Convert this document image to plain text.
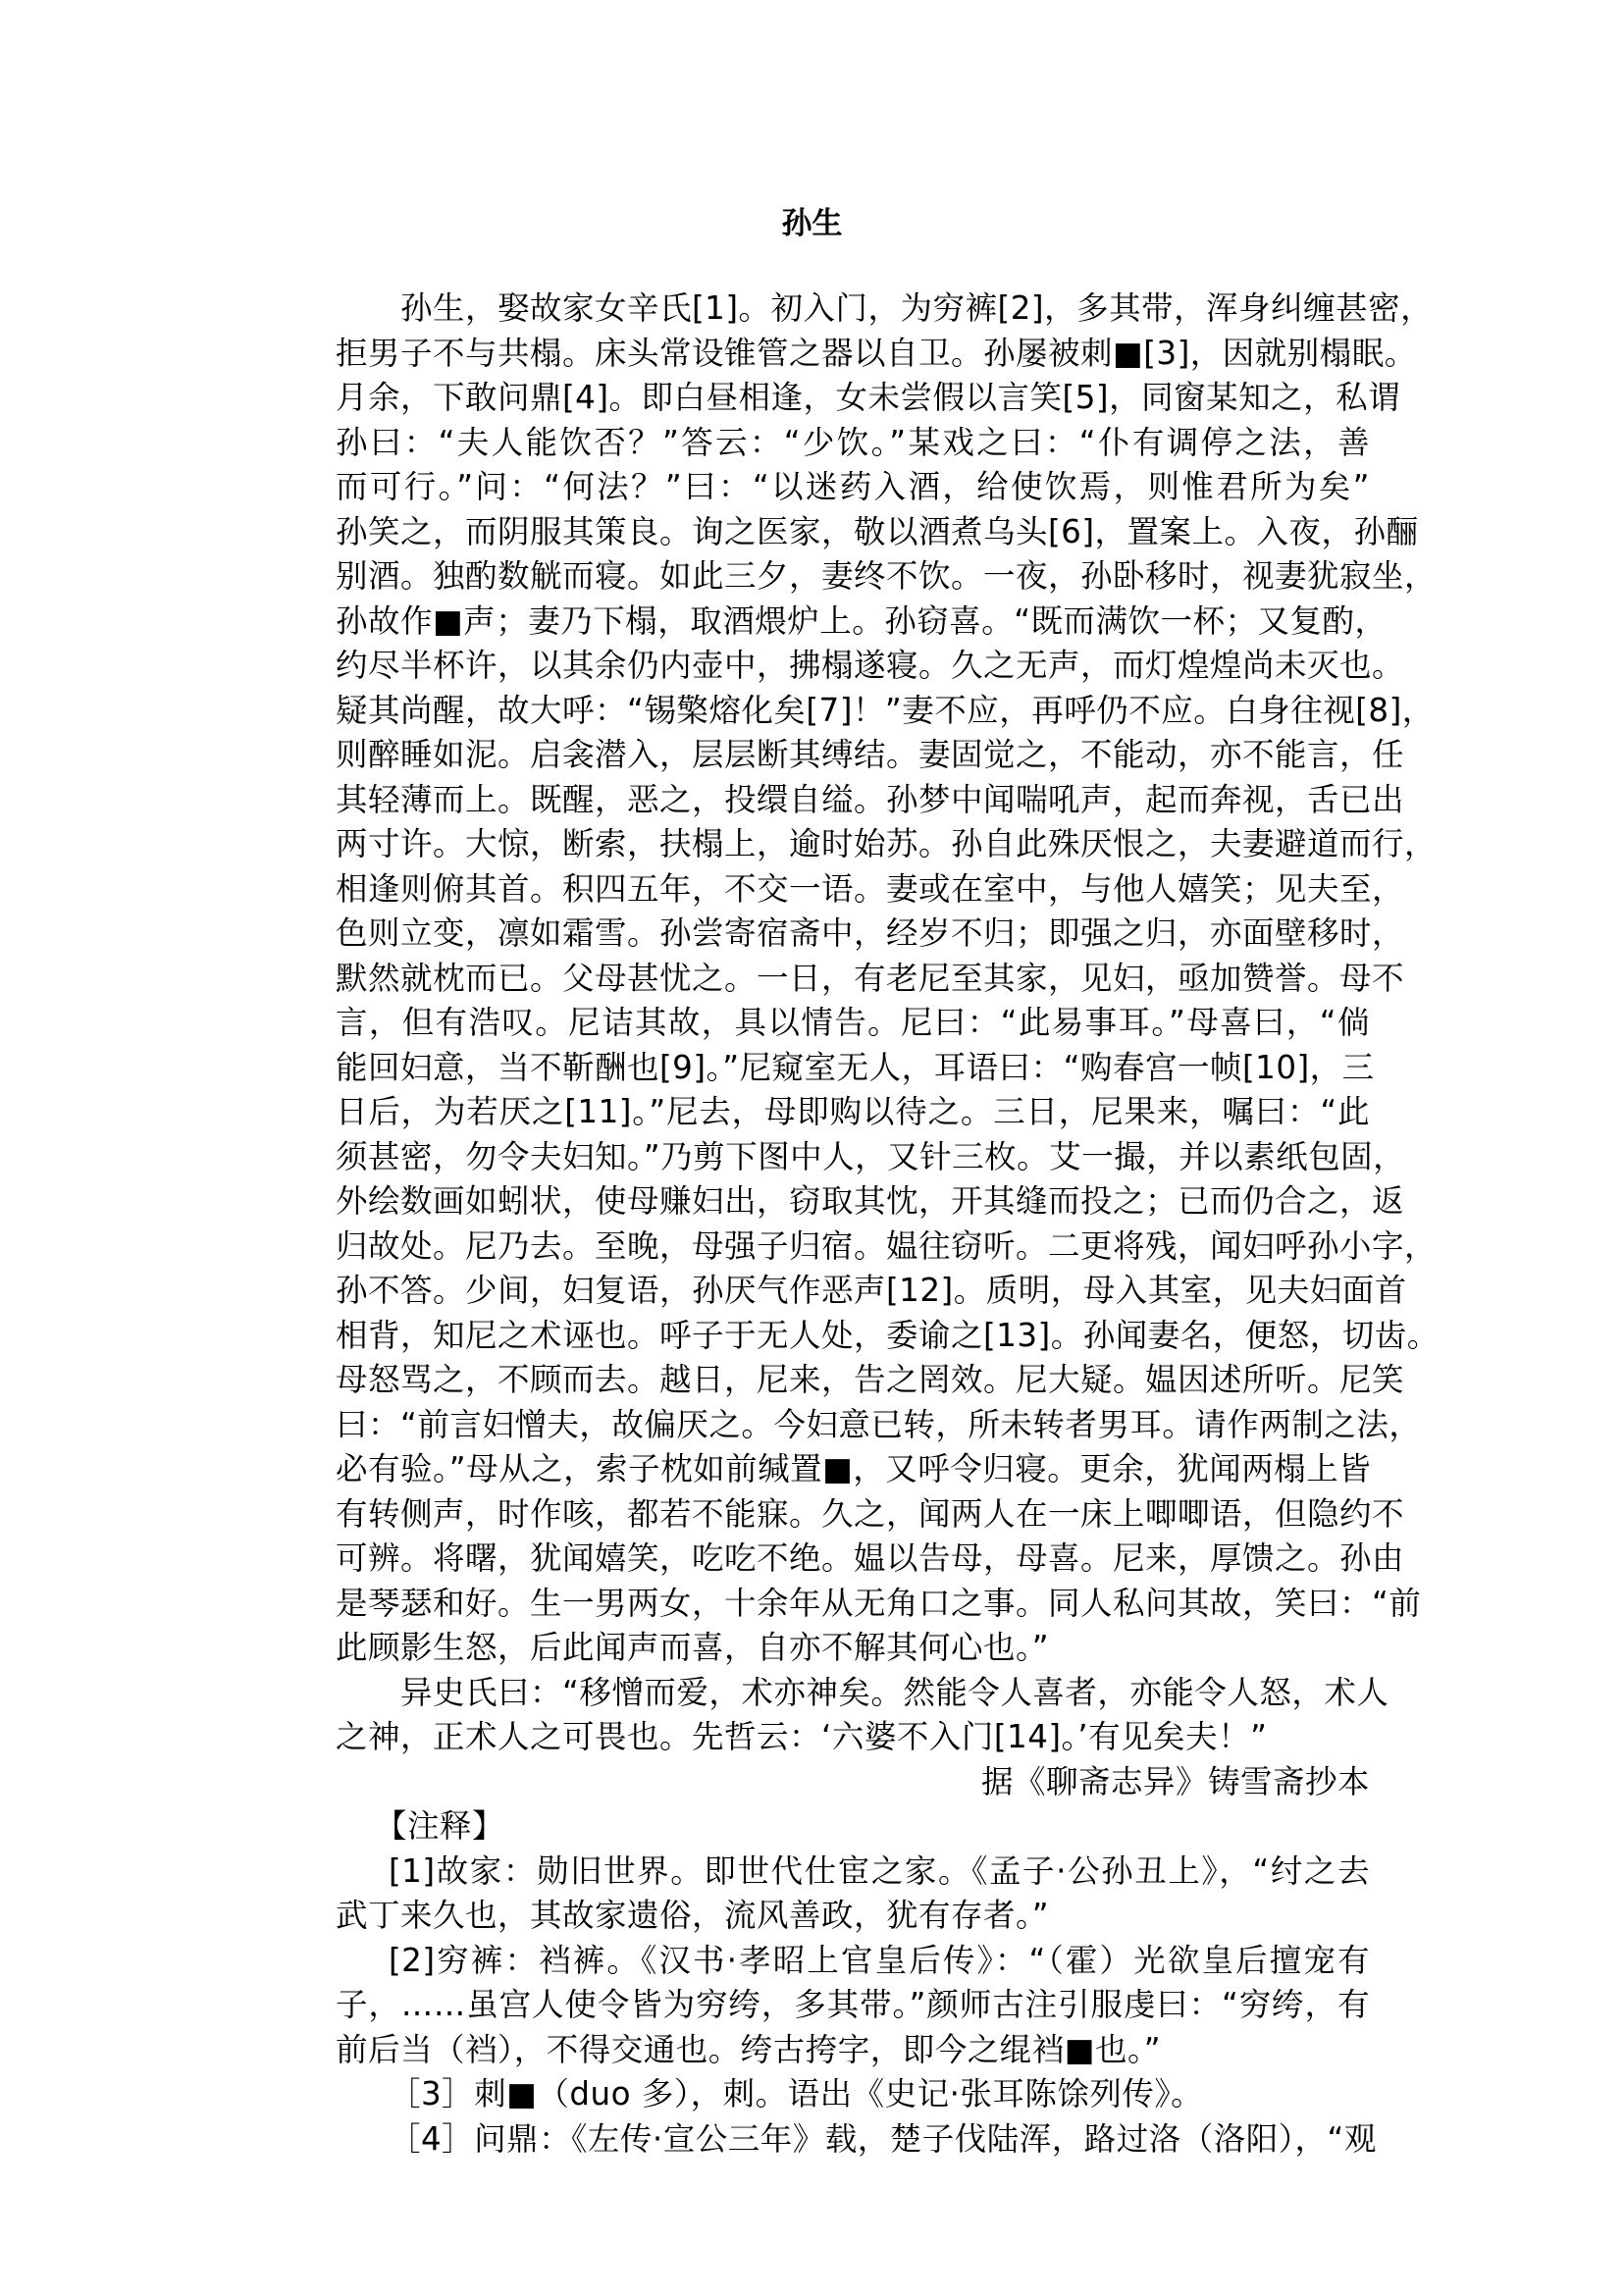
孙生
孙生，娶故家女辛氏[1]。初入门，为穷裤[2]，多其带，浑身纠缠甚密，
拒男子不与共榻。床头常设锥管之器以自卫。孙屡被刺■[3]，因就别榻眠。
月余，下敢问鼎[4]。即白昼相逢，女未尝假以言笑[5]，同窗某知之，私谓
孙曰：“夫人能饮否？”答云：“少饮。”某戏之曰：“仆有调停之法，善
而可行。”问：“何法？”曰：“以迷药入酒，给使饮焉，则惟君所为矣”
孙笑之，而阴服其策良。询之医家，敬以酒煮乌头[6]，置案上。入夜，孙酾
别酒。独酌数觥而寝。如此三夕，妻终不饮。一夜，孙卧移时，视妻犹寂坐，
孙故作■声；妻乃下榻，取酒煨炉上。孙窃喜。“既而满饮一杯；又复酌，
约尽半杯许，以其余仍内壶中，拂榻遂寝。久之无声，而灯煌煌尚未灭也。
疑其尚醒，故大呼：“锡檠熔化矣[7]！”妻不应，再呼仍不应。白身往视[8]，
则醉睡如泥。启衾潜入，层层断其缚结。妻固觉之，不能动，亦不能言，任
其轻薄而上。既醒，恶之，投缳自缢。孙梦中闻喘吼声，起而奔视，舌已出
两寸许。大惊，断索，扶榻上，逾时始苏。孙自此殊厌恨之，夫妻避道而行，
相逢则俯其首。积四五年，不交一语。妻或在室中，与他人嬉笑；见夫至，
色则立变，凛如霜雪。孙尝寄宿斋中，经岁不归；即强之归，亦面壁移时，
默然就枕而已。父母甚忧之。一日，有老尼至其家，见妇，亟加赞誉。母不
言，但有浩叹。尼诘其故，具以情告。尼曰：“此易事耳。”母喜曰，“倘
能回妇意，当不靳酬也[9]。”尼窥室无人，耳语曰：“购春宫一帧[10]，三
日后，为若厌之[11]。”尼去，母即购以待之。三日，尼果来，嘱曰：“此
须甚密，勿令夫妇知。”乃剪下图中人，又针三枚。艾一撮，并以素纸包固，
外绘数画如蚓状，使母赚妇出，窃取其忱，开其缝而投之；已而仍合之，返
归故处。尼乃去。至晚，母强子归宿。媪往窃听。二更将残，闻妇呼孙小字，
孙不答。少间，妇复语，孙厌气作恶声[12]。质明，母入其室，见夫妇面首
相背，知尼之术诬也。呼子于无人处，委谕之[13]。孙闻妻名，便怒，切齿。
母怒骂之，不顾而去。越日，尼来，告之罔效。尼大疑。媪因述所听。尼笑
曰：“前言妇憎夫，故偏厌之。今妇意已转，所未转者男耳。请作两制之法，
必有验。”母从之，索子枕如前缄置■，又呼令归寝。更余，犹闻两榻上皆
有转侧声，时作咳，都若不能寐。久之，闻两人在一床上唧唧语，但隐约不
可辨。将曙，犹闻嬉笑，吃吃不绝。媪以告母，母喜。尼来，厚馈之。孙由
是琴瑟和好。生一男两女，十余年从无角口之事。同人私问其故，笑曰：“前
此顾影生怒，后此闻声而喜，自亦不解其何心也。”
异史氏曰：“移憎而爱，术亦神矣。然能令人喜者，亦能令人怒，术人
之神，正术人之可畏也。先哲云：‘六婆不入门[14]。’有见矣夫！”
据《聊斋志异》铸雪斋抄本
【注释】
[1]故家：勋旧世界。即世代仕宦之家。《孟子·公孙丑上》，“纣之去
武丁来久也，其故家遗俗，流风善政，犹有存者。”
[2]穷裤：裆裤。《汉书·孝昭上官皇后传》：“（霍）光欲皇后擅宠有
子，……虽宫人使令皆为穷绔，多其带。”颜师古注引服虔曰：“穷绔，有
前后当（裆），不得交通也。绔古挎字，即今之绲裆■也。”
［3］刺■（duo 多），刺。语出《史记·张耳陈馀列传》。
［4］问鼎：《左传·宣公三年》载，楚子伐陆浑，路过洛（洛阳），“观
